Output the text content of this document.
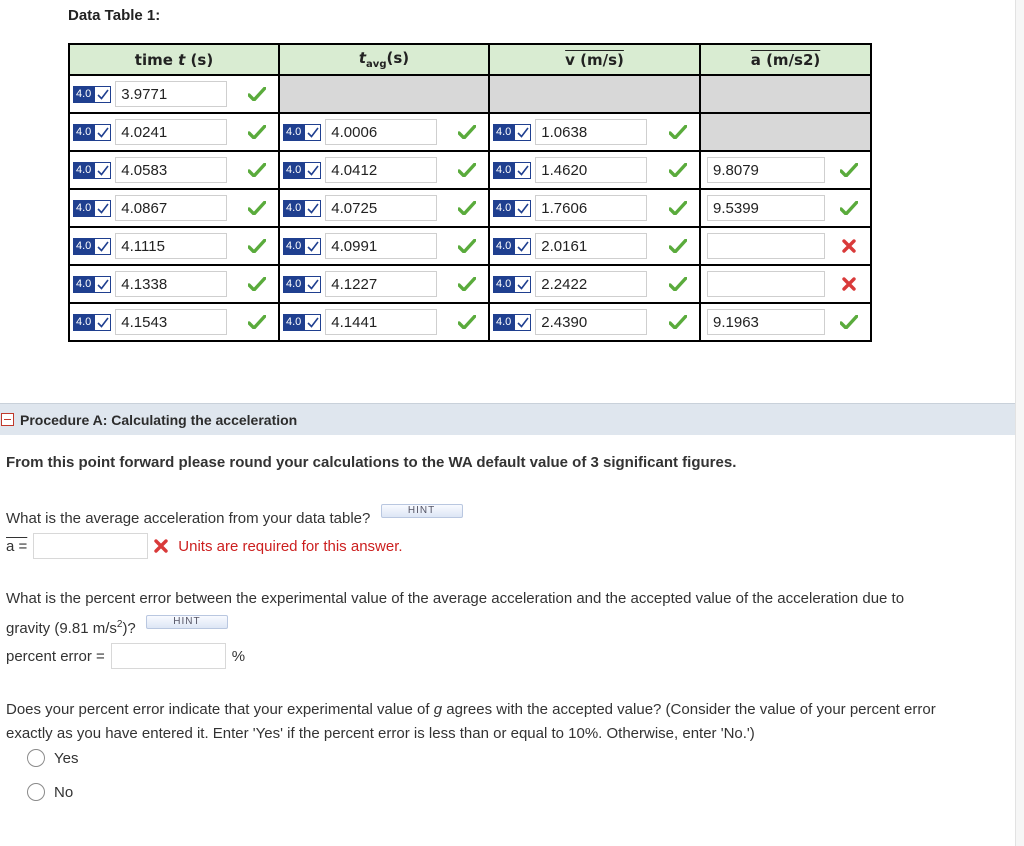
Data Table 1:
time t (s)	$t_{avg}(s)$	v (m/s)	a (m/s2)

4.0 3.9771			

4.0 4.0241	4.0 4.0006	4.0 1.0638	

4.0 4.0583	4.0 4.0412	4.0 1.4620	9.8079

4.0 4.0867	4.0 4.0725	4.0 1.7606	9.5399

4.0 4.1115	4.0 4.0991	4.0 2.0161

4.0 4.1338	4.0 4.1227	4.0 2.2422

4.0 4.1543	4.0 4.1441	4.0 2.4390	9.1963
Procedure A: Calculating the acceleration
From this point forward please round your calculations to the WA default value of 3 significant figures.
What is the average acceleration from your data table?	HINT
a =	Units are required for this answer.
What is the percent error between the experimental value of the average acceleration and the accepted value of the acceleration due to
gravity (9.81 $m/s^2$)?	HINT
percent error =	%
Does your percent error indicate that your experimental value of g agrees with the accepted value? (Consider the value of your percent error
exactly as you have entered it. Enter 'Yes' if the percent error is less than or equal to 10%. Otherwise, enter 'No.')
Yes
No
